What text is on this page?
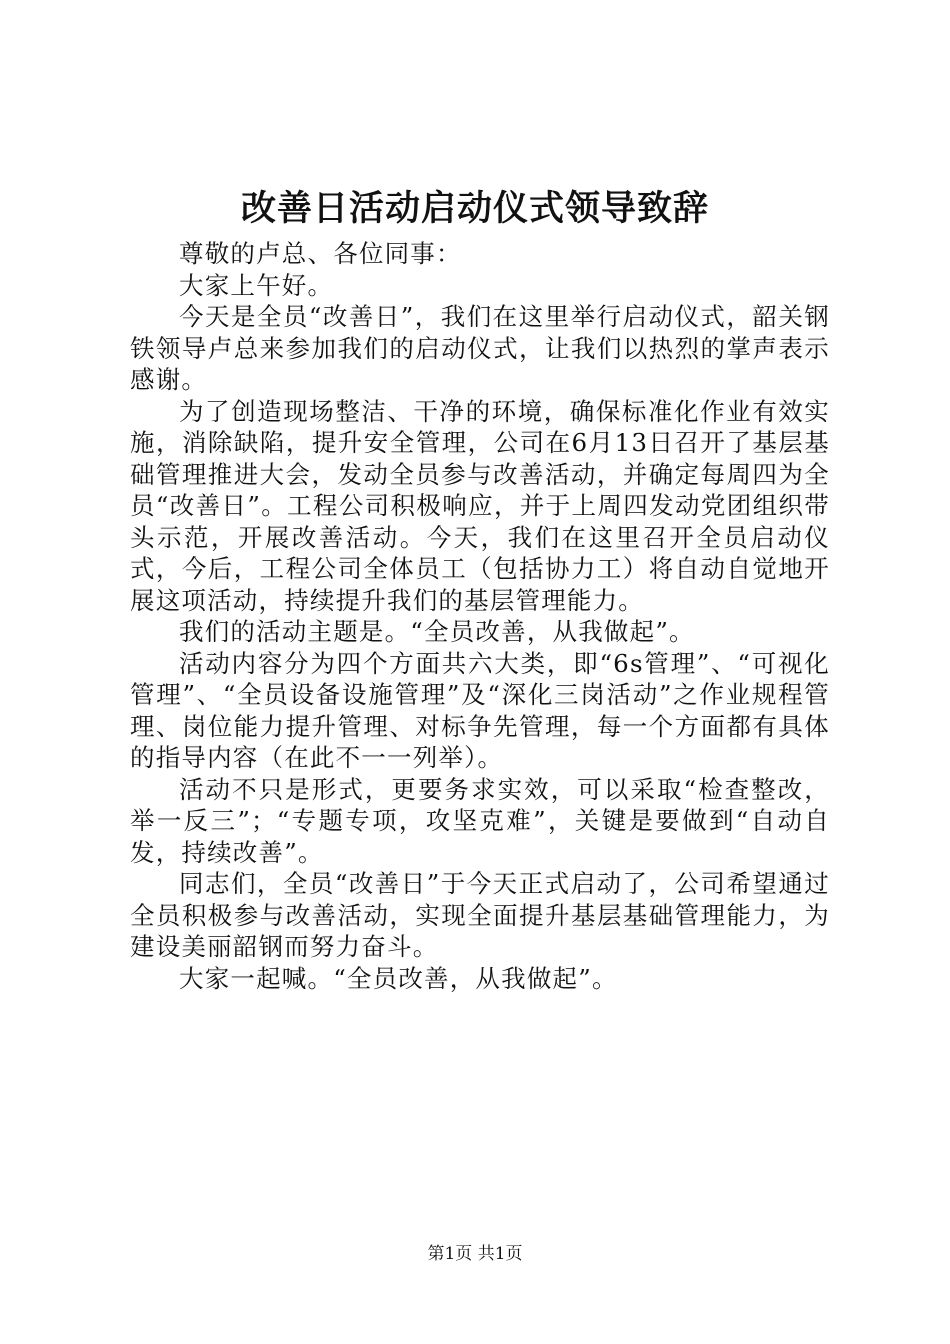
改善日活动启动仪式领导致辞

尊敬的卢总、各位同事：

大家上午好。

今天是全员“改善日”，我们在这里举行启动仪式，韶关钢铁领导卢总来参加我们的启动仪式，让我们以热烈的掌声表示感谢。

为了创造现场整洁、干净的环境，确保标准化作业有效实施，消除缺陷，提升安全管理，公司在6月13日召开了基层基础管理推进大会，发动全员参与改善活动，并确定每周四为全员“改善日”。工程公司积极响应，并于上周四发动党团组织带头示范，开展改善活动。今天，我们在这里召开全员启动仪式，今后，工程公司全体员工（包括协力工）将自动自觉地开展这项活动，持续提升我们的基层管理能力。

我们的活动主题是。“全员改善，从我做起”。

活动内容分为四个方面共六大类，即“6s管理”、“可视化管理”、“全员设备设施管理”及“深化三岗活动”之作业规程管理、岗位能力提升管理、对标争先管理，每一个方面都有具体的指导内容（在此不一一列举）。

活动不只是形式，更要务求实效，可以采取“检查整改，举一反三”；“专题专项，攻坚克难”，关键是要做到“自动自发，持续改善”。

同志们，全员“改善日”于今天正式启动了，公司希望通过全员积极参与改善活动，实现全面提升基层基础管理能力，为建设美丽韶钢而努力奋斗。

大家一起喊。“全员改善，从我做起”。

第1页 共1页
